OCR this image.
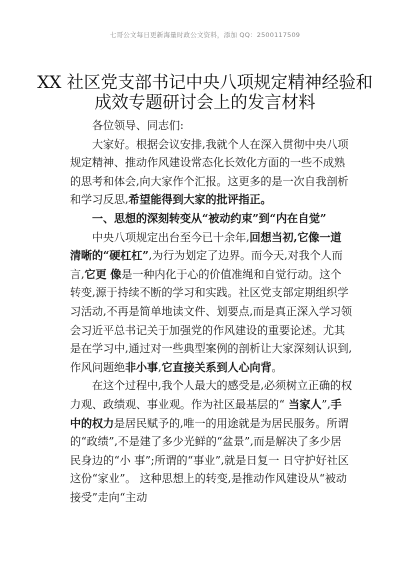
七哥公文每日更新海量时政公文资料，添加 QQ：2500117509
XX 社区党支部书记中央八项规定精神经验和
成效专题研讨会上的发言材料

各位领导、同志们:

大家好。根据会议安排,我就个人在深入贯彻中央八项规定精神、推动作风建设常态化长效化方面的一些不成熟的思考和体会,向大家作个汇报。这更多的是一次自我剖析和学习反思,希望能得到大家的批评指正。

一、思想的深刻转变从“被动约束”到“内在自觉”

中央八项规定出台至今已十余年,回想当初,它像一道清晰的“硬杠杠”,为行为划定了边界。而今天,对我个人而言,它更 像是一种内化于心的价值准绳和自觉行动。这个转变,源于持续不断的学习和实践。社区党支部定期组织学习活动,不再是简单地读文件、划要点,而是真正深入学习领会习近平总书记关于加强党的作风建设的重要论述。尤其是在学习中,通过对一些典型案例的剖析让大家深刻认识到,作风问题绝非小事,它直接关系到人心向背。

在这个过程中,我个人最大的感受是,必须树立正确的权力观、政绩观、事业观。作为社区最基层的“ 当家人”,手中的权力是居民赋予的,唯一的用途就是为居民服务。所谓的“政绩”,不是建了多少光鲜的“盆景”,而是解决了多少居民身边的“小 事”;所谓的“事业”,就是日复一 日守护好社区这份“家业”。 这种思想上的转变,是推动作风建设从“被动接受”走向“主动
